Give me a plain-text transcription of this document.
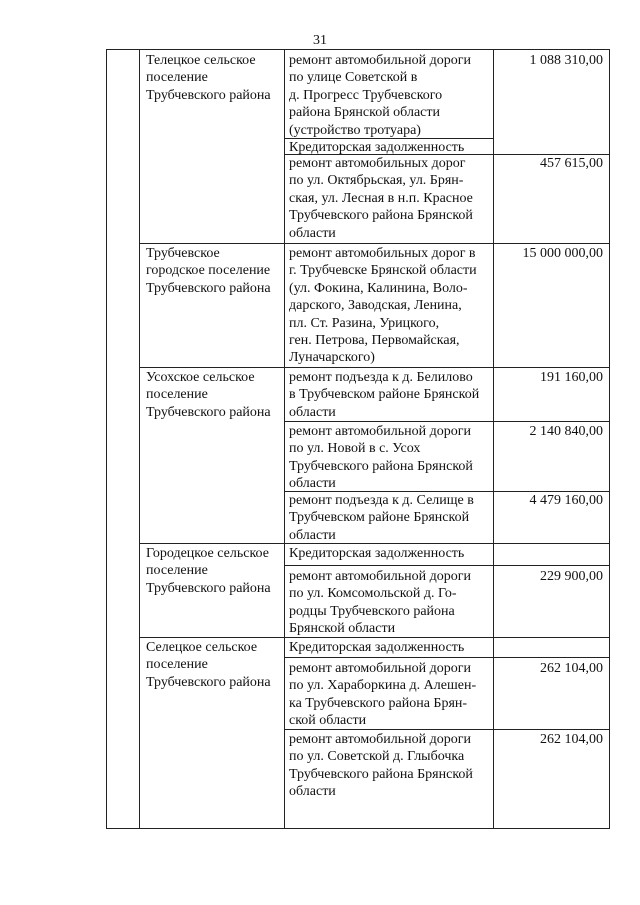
31
Телецкое сельское
поселение
Трубчевского района
ремонт автомобильной дороги
по улице Советской в
д. Прогресс Трубчевского
района Брянской области
(устройство тротуара)
1 088 310,00
Кредиторская задолженность
ремонт автомобильных дорог
по ул. Октябрьская, ул. Брян-
ская, ул. Лесная в н.п. Красное
Трубчевского района Брянской
области
457 615,00
Трубчевское
городское поселение
Трубчевского района
ремонт автомобильных дорог в
г. Трубчевске Брянской области
(ул. Фокина, Калинина, Воло-
дарского, Заводская, Ленина,
пл. Ст. Разина, Урицкого,
ген. Петрова, Первомайская,
Луначарского)
15 000 000,00
Усохское сельское
поселение
Трубчевского района
ремонт подъезда к д. Белилово
в Трубчевском районе Брянской
области
191 160,00
ремонт автомобильной дороги
по ул. Новой в с. Усох
Трубчевского района Брянской
области
2 140 840,00
ремонт подъезда к д. Селище в
Трубчевском районе Брянской
области
4 479 160,00
Городецкое сельское
поселение
Трубчевского района
Кредиторская задолженность
ремонт автомобильной дороги
по ул. Комсомольской д. Го-
родцы Трубчевского района
Брянской области
229 900,00
Селецкое сельское
поселение
Трубчевского района
Кредиторская задолженность
ремонт автомобильной дороги
по ул. Хараборкина д. Алешен-
ка Трубчевского района Брян-
ской области
262 104,00
ремонт автомобильной дороги
по ул. Советской д. Глыбочка
Трубчевского района Брянской
области
262 104,00
